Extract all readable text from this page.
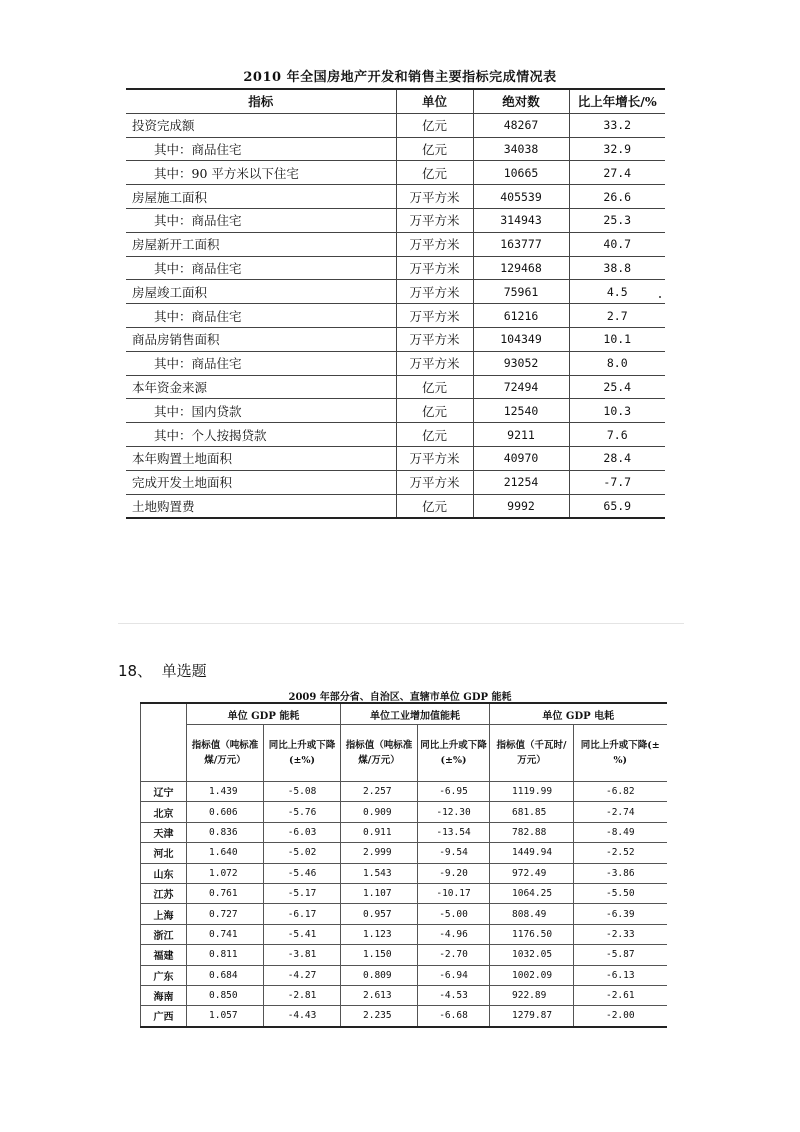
2010 年全国房地产开发和销售主要指标完成情况表
指标	单位	绝对数	比上年增长/%
投资完成额	亿元	48267	33.2
其中：商品住宅	亿元	34038	32.9
其中：90 平方米以下住宅	亿元	10665	27.4
房屋施工面积	万平方米	405539	26.6
其中：商品住宅	万平方米	314943	25.3
房屋新开工面积	万平方米	163777	40.7
其中：商品住宅	万平方米	129468	38.8
房屋竣工面积	万平方米	75961	4.5
其中：商品住宅	万平方米	61216	2.7
商品房销售面积	万平方米	104349	10.1
其中：商品住宅	万平方米	93052	8.0
本年资金来源	亿元	72494	25.4
其中：国内贷款	亿元	12540	10.3
其中：个人按揭贷款	亿元	9211	7.6
本年购置土地面积	万平方米	40970	28.4
完成开发土地面积	万平方米	21254	-7.7
土地购置费	亿元	9992	65.9
18、 单选题
2009 年部分省、自治区、直辖市单位 GDP 能耗
	单位 GDP 能耗		单位工业增加值能耗		单位 GDP 电耗	
	指标值（吨标准煤/万元）	同比上升或下降(±%)	指标值（吨标准煤/万元）	同比上升或下降(±%)	指标值（千瓦时/万元）	同比上升或下降(±%)
辽宁	1.439	-5.08	2.257	-6.95	1119.99	-6.82
北京	0.606	-5.76	0.909	-12.30	681.85	-2.74
天津	0.836	-6.03	0.911	-13.54	782.88	-8.49
河北	1.640	-5.02	2.999	-9.54	1449.94	-2.52
山东	1.072	-5.46	1.543	-9.20	972.49	-3.86
江苏	0.761	-5.17	1.107	-10.17	1064.25	-5.50
上海	0.727	-6.17	0.957	-5.00	808.49	-6.39
浙江	0.741	-5.41	1.123	-4.96	1176.50	-2.33
福建	0.811	-3.81	1.150	-2.70	1032.05	-5.87
广东	0.684	-4.27	0.809	-6.94	1002.09	-6.13
海南	0.850	-2.81	2.613	-4.53	922.89	-2.61
广西	1.057	-4.43	2.235	-6.68	1279.87	-2.00
